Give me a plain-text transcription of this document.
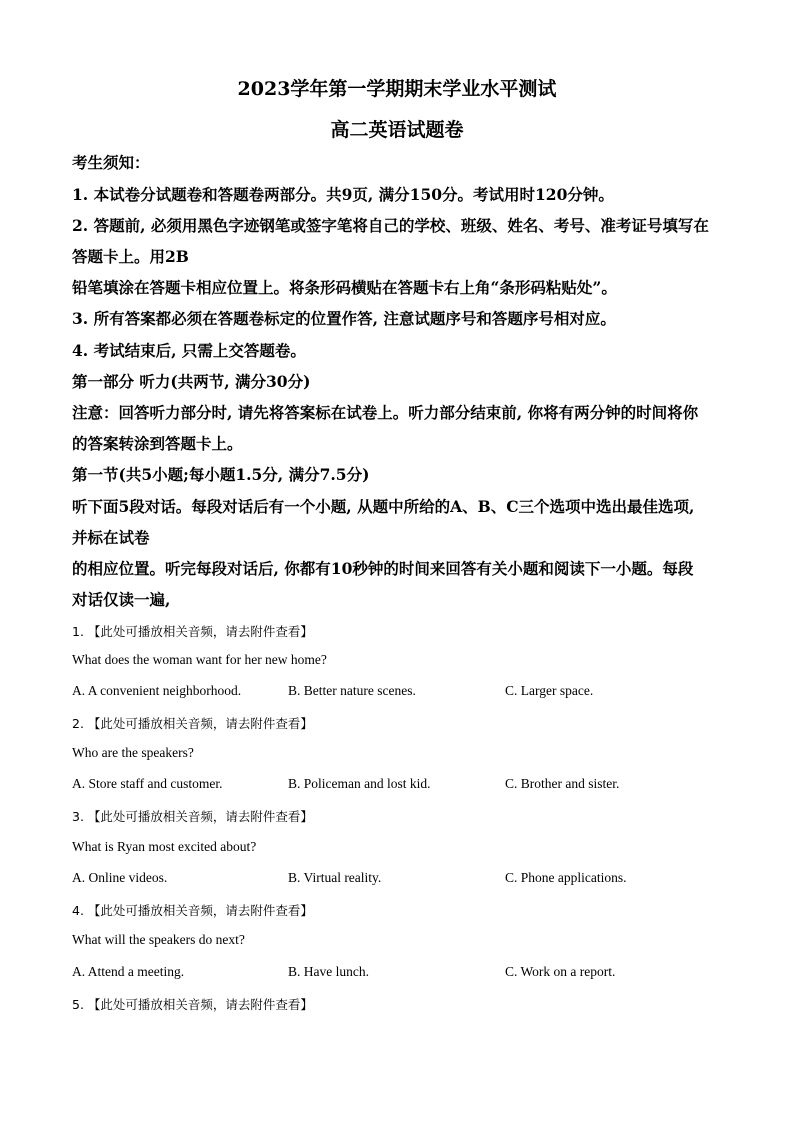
2023学年第一学期期末学业水平测试
高二英语试题卷
考生须知：
1. 本试卷分试题卷和答题卷两部分。共9页, 满分150分。考试用时120分钟。
2. 答题前, 必须用黑色字迹钢笔或签字笔将自己的学校、班级、姓名、考号、准考证号填写在
答题卡上。用2B
铅笔填涂在答题卡相应位置上。将条形码横贴在答题卡右上角“条形码粘贴处”。
3. 所有答案都必须在答题卷标定的位置作答, 注意试题序号和答题序号相对应。
4. 考试结束后, 只需上交答题卷。
第一部分 听力(共两节, 满分30分)
注意：回答听力部分时, 请先将答案标在试卷上。听力部分结束前, 你将有两分钟的时间将你
的答案转涂到答题卡上。
第一节(共5小题;每小题1.5分, 满分7.5分)
听下面5段对话。每段对话后有一个小题, 从题中所给的A、B、C三个选项中选出最佳选项,
并标在试卷
的相应位置。听完每段对话后, 你都有10秒钟的时间来回答有关小题和阅读下一小题。每段
对话仅读一遍,
1. 【此处可播放相关音频，请去附件查看】
What does the woman want for her new home?
A. A convenient neighborhood.	B. Better nature scenes.	C. Larger space.
2. 【此处可播放相关音频，请去附件查看】
Who are the speakers?
A. Store staff and customer.	B. Policeman and lost kid.	C. Brother and sister.
3. 【此处可播放相关音频，请去附件查看】
What is Ryan most excited about?
A. Online videos.	B. Virtual reality.	C. Phone applications.
4. 【此处可播放相关音频，请去附件查看】
What will the speakers do next?
A. Attend a meeting.	B. Have lunch.	C. Work on a report.
5. 【此处可播放相关音频，请去附件查看】
